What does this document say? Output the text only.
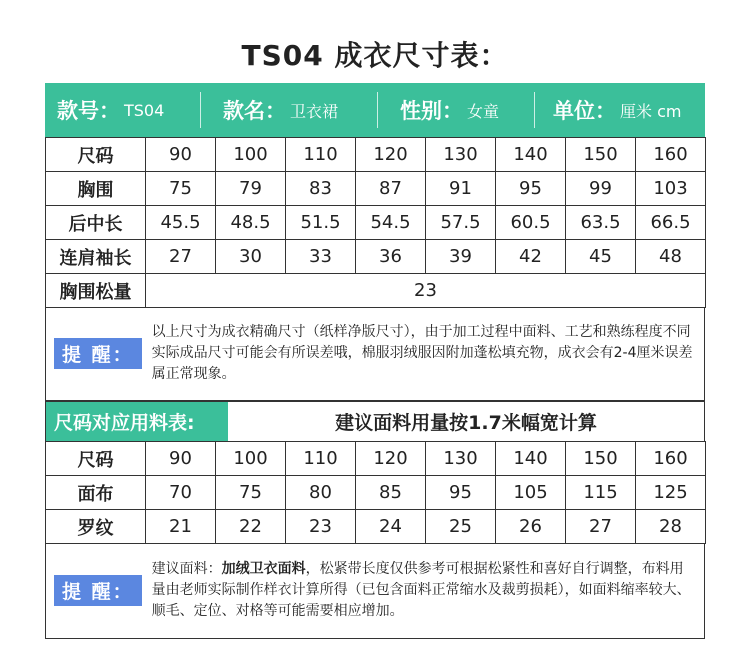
TS04 成衣尺寸表：
款号： TS04	款名： 卫衣裙	性别： 女童	单位： 厘米 cm
尺码	90	100	110	120	130	140	150	160
胸围	75	79	83	87	91	95	99	103
后中长	45.5	48.5	51.5	54.5	57.5	60.5	63.5	66.5
连肩袖长	27	30	33	36	39	42	45	48
胸围松量	23							
提 醒：
以上尺寸为成衣精确尺寸（纸样净版尺寸），由于加工过程中面料、工艺和熟练程度不同实际成品尺寸可能会有所误差哦，棉服羽绒服因附加蓬松填充物，成衣会有2-4厘米误差属正常现象。
尺码对应用料表:	建议面料用量按1.7米幅宽计算
尺码	90	100	110	120	130	140	150	160
面布	70	75	80	85	95	105	115	125
罗纹	21	22	23	24	25	26	27	28
提 醒：
建议面料：加绒卫衣面料，松紧带长度仅供参考可根据松紧性和喜好自行调整，布料用量由老师实际制作样衣计算所得（已包含面料正常缩水及裁剪损耗），如面料缩率较大、顺毛、定位、对格等可能需要相应增加。
